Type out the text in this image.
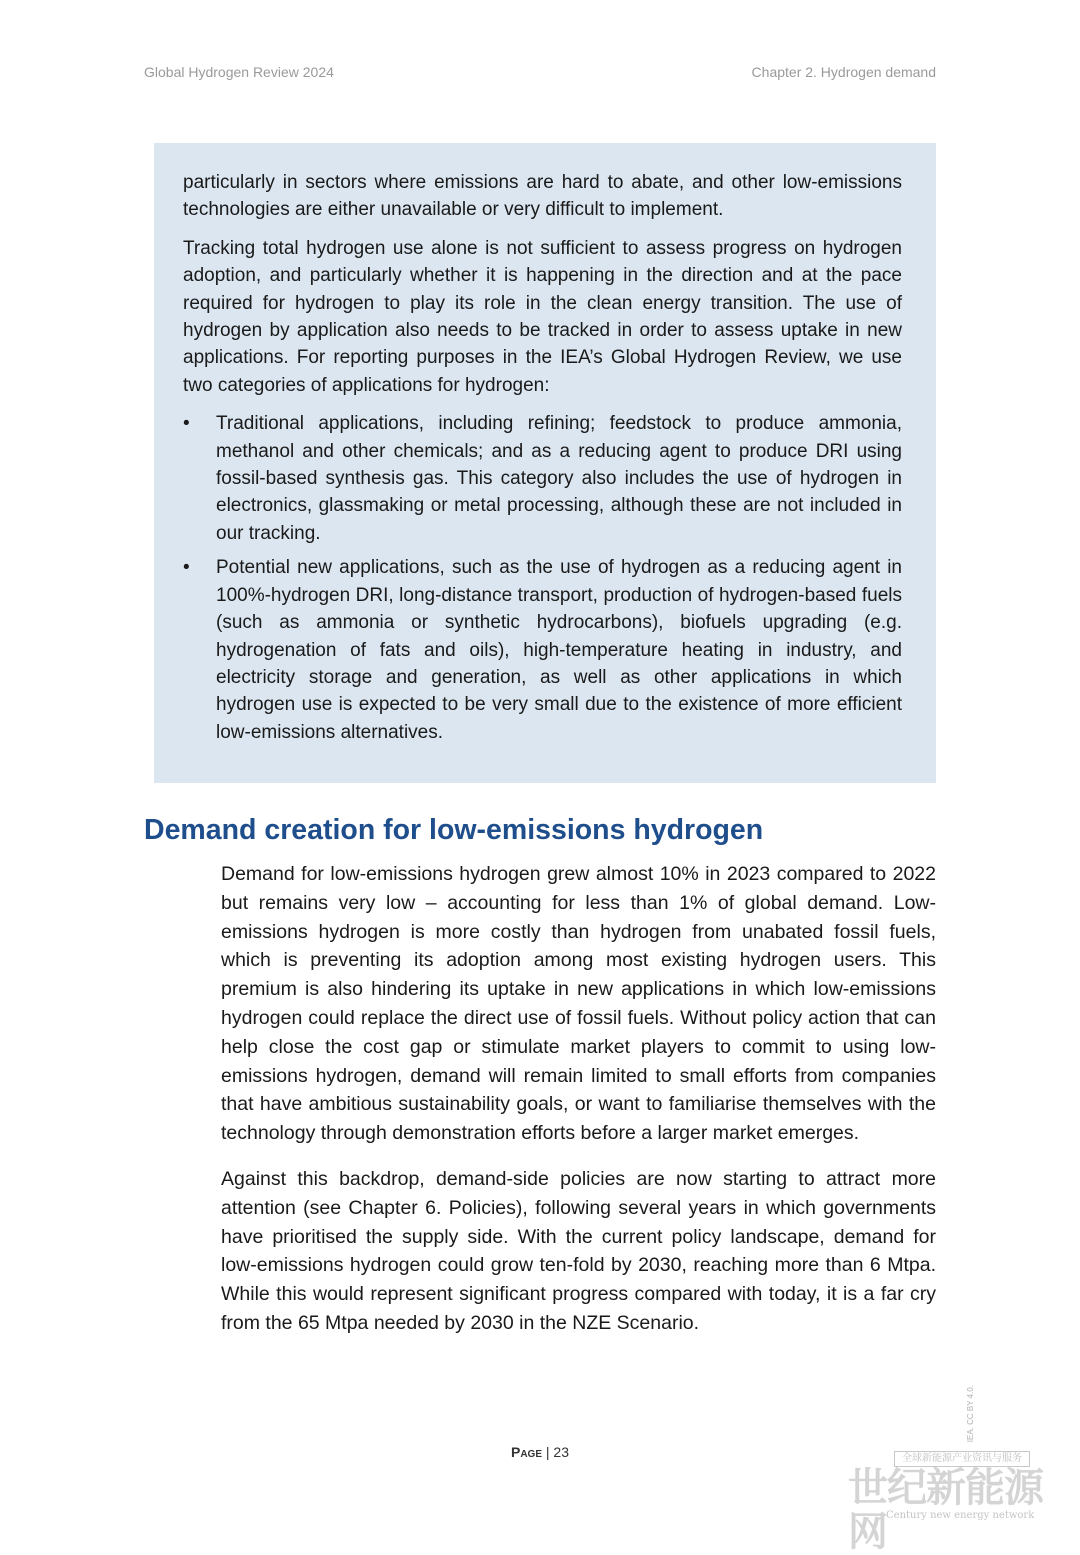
Global Hydrogen Review 2024	Chapter 2. Hydrogen demand

particularly in sectors where emissions are hard to abate, and other low-emissions technologies are either unavailable or very difficult to implement.

Tracking total hydrogen use alone is not sufficient to assess progress on hydrogen adoption, and particularly whether it is happening in the direction and at the pace required for hydrogen to play its role in the clean energy transition. The use of hydrogen by application also needs to be tracked in order to assess uptake in new applications. For reporting purposes in the IEA’s Global Hydrogen Review, we use two categories of applications for hydrogen:

• Traditional applications, including refining; feedstock to produce ammonia, methanol and other chemicals; and as a reducing agent to produce DRI using fossil-based synthesis gas. This category also includes the use of hydrogen in electronics, glassmaking or metal processing, although these are not included in our tracking.
• Potential new applications, such as the use of hydrogen as a reducing agent in 100%-hydrogen DRI, long-distance transport, production of hydrogen-based fuels (such as ammonia or synthetic hydrocarbons), biofuels upgrading (e.g. hydrogenation of fats and oils), high-temperature heating in industry, and electricity storage and generation, as well as other applications in which hydrogen use is expected to be very small due to the existence of more efficient low-emissions alternatives.
Demand creation for low-emissions hydrogen

Demand for low-emissions hydrogen grew almost 10% in 2023 compared to 2022 but remains very low – accounting for less than 1% of global demand. Low-emissions hydrogen is more costly than hydrogen from unabated fossil fuels, which is preventing its adoption among most existing hydrogen users. This premium is also hindering its uptake in new applications in which low-emissions hydrogen could replace the direct use of fossil fuels. Without policy action that can help close the cost gap or stimulate market players to commit to using low-emissions hydrogen, demand will remain limited to small efforts from companies that have ambitious sustainability goals, or want to familiarise themselves with the technology through demonstration efforts before a larger market emerges.

Against this backdrop, demand-side policies are now starting to attract more attention (see Chapter 6. Policies), following several years in which governments have prioritised the supply side. With the current policy landscape, demand for low-emissions hydrogen could grow ten-fold by 2030, reaching more than 6 Mtpa. While this would represent significant progress compared with today, it is a far cry from the 65 Mtpa needed by 2030 in the NZE Scenario.

Page | 23
IEA. CC BY 4.0.
全球新能源产业资讯与服务
世纪新能源网 Century new energy network
